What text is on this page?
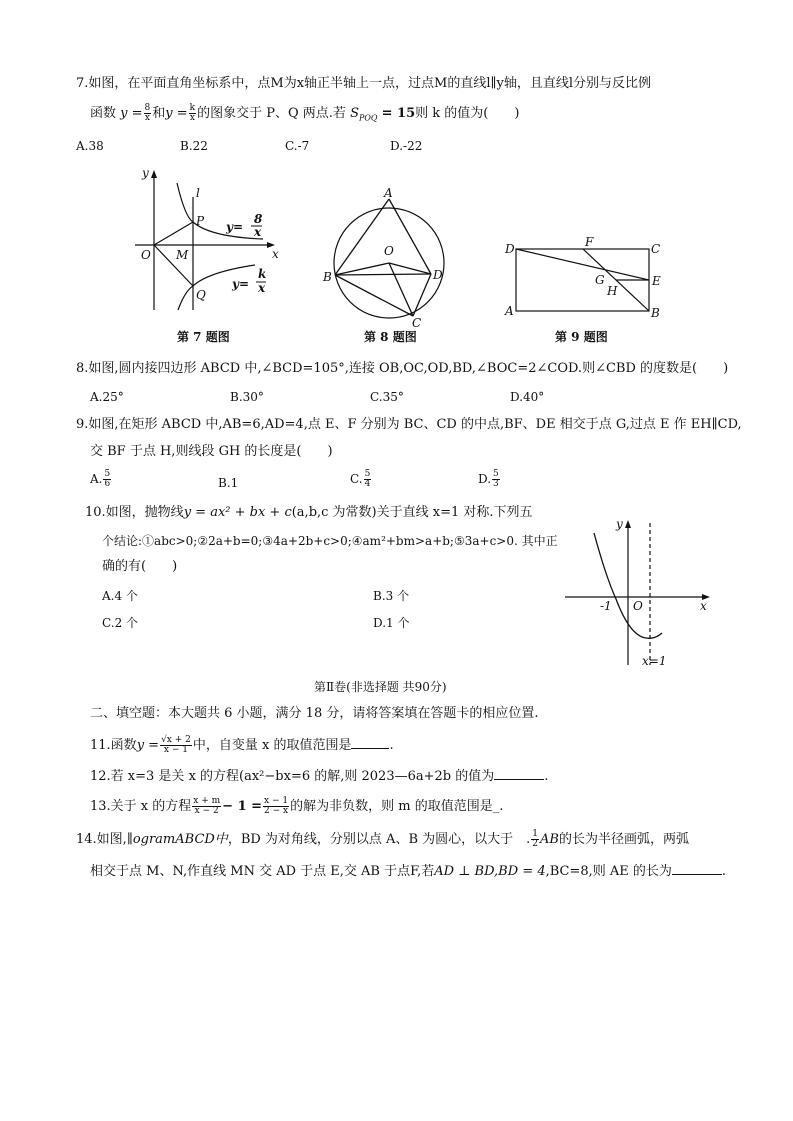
7.如图，在平面直角坐标系中，点M为x轴正半轴上一点，过点M的直线l∥y轴，且直线l分别与反比例
函数 $y = \frac{8}{x}$ 和$y = \frac{k}{x}$ 的图象交于 P、Q 两点.若 $S_{POQ} = 15$则 k 的值为(　　)
A.38	B.22	C.-7	D.-22
y
x
l
P
M
O
Q
y=
8
x
y=
k
x
第 7 题图
A
B
O
C
D
第 8 题图
D	F	C
G	E
H
A	B
第 9 题图
8.如图,圆内接四边形 ABCD 中,∠BCD=105°,连接 OB,OC,OD,BD,∠BOC=2∠COD.则∠CBD 的度数是(　　)
A.25°	B.30°	C.35°	D.40°
9.如图,在矩形 ABCD 中,AB=6,AD=4,点 E、F 分别为 BC、CD 的中点,BF、DE 相交于点 G,过点 E 作 EH∥CD,
交 BF 于点 H,则线段 GH 的长度是(　　)
A. $\frac{5}{6}$	B.1	C. $\frac{5}{4}$	D. $\frac{5}{3}$
10.如图，抛物线y = ax² + bx + c(a,b,c 为常数)关于直线 x=1 对称.下列五
个结论:①abc>0;②2a+b=0;③4a+2b+c>0;④am²+bm>a+b;⑤3a+c>0. 其中正
确的有(　　)
A.4 个	B.3 个
C.2 个	D.1 个
y
x
-1 O
x=1
第Ⅱ卷(非选择题 共90分)
二、填空题：本大题共 6 小题，满分 18 分，请将答案填在答题卡的相应位置.
11.函数$y = \frac{√x + 2}{x - 1}$ 中，自变量 x 的取值范围是	.
12.若 x=3 是关 x 的方程(ax²−bx=6 的解,则 2023—6a+2b 的值为	.
13.关于 x 的方程 $\frac{x + m}{x - 2} - 1 = \frac{x - 1}{2 - x}$ 的解为非负数，则 m 的取值范围是_.
14.如图,∥ogramABCD中，BD 为对角线，分别以点 A、B 为圆心，以大于　. $\frac{1}{2}$ AB的长为半径画弧，两弧
相交于点 M、N,作直线 MN 交 AD 于点 E,交 AB 于点F,若AD ⊥ BD,BD = 4,BC=8,则 AE 的长为	.
